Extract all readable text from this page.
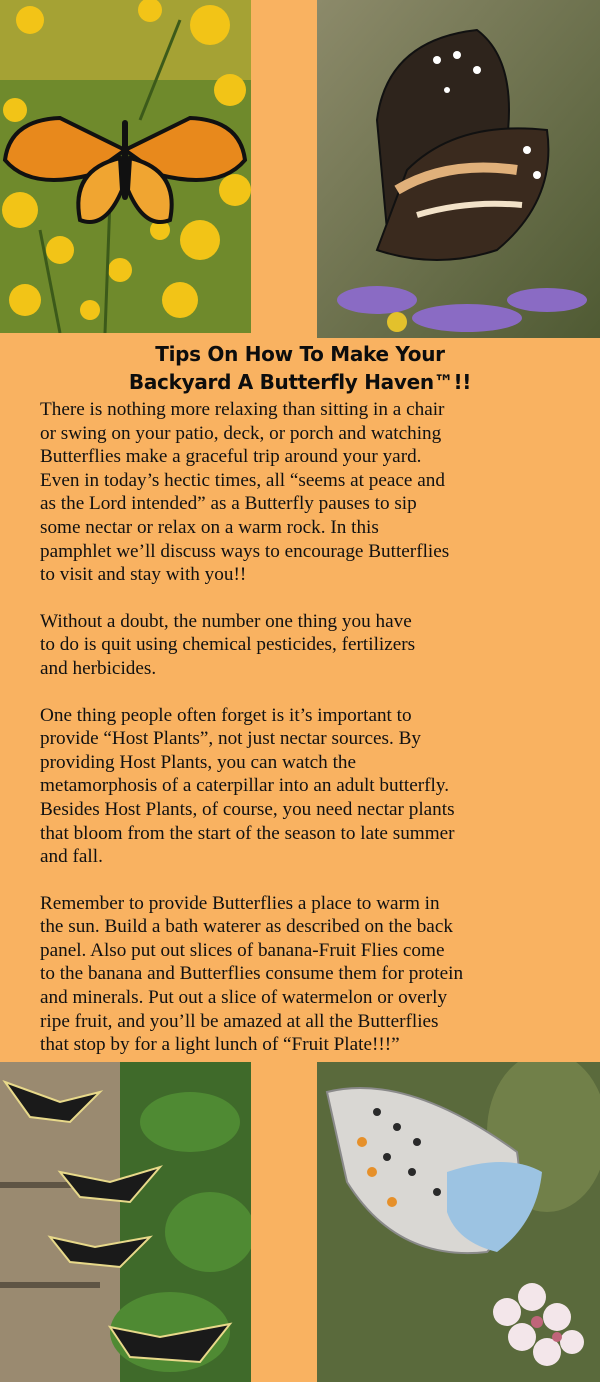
Tips On How To Make Your
Backyard A Butterfly Haven™!!

There is nothing more relaxing than sitting in a chair
or swing on your patio, deck, or porch and watching
Butterflies make a graceful trip around your yard.
Even in today’s hectic times, all “seems at peace and
as the Lord intended” as a Butterfly pauses to sip
some nectar or relax on a warm rock. In this
pamphlet we’ll discuss ways to encourage Butterflies
to visit and stay with you!!

Without a doubt, the number one thing you have
to do is quit using chemical pesticides, fertilizers
and herbicides.

One thing people often forget is it’s important to
provide “Host Plants”, not just nectar sources. By
providing Host Plants, you can watch the
metamorphosis of a caterpillar into an adult butterfly.
Besides Host Plants, of course, you need nectar plants
that bloom from the start of the season to late summer
and fall.

Remember to provide Butterflies a place to warm in
the sun. Build a bath waterer as described on the back
panel. Also put out slices of banana-Fruit Flies come
to the banana and Butterflies consume them for protein
and minerals. Put out a slice of watermelon or overly
ripe fruit, and you’ll be amazed at all the Butterflies
that stop by for a light lunch of “Fruit Plate!!!”
